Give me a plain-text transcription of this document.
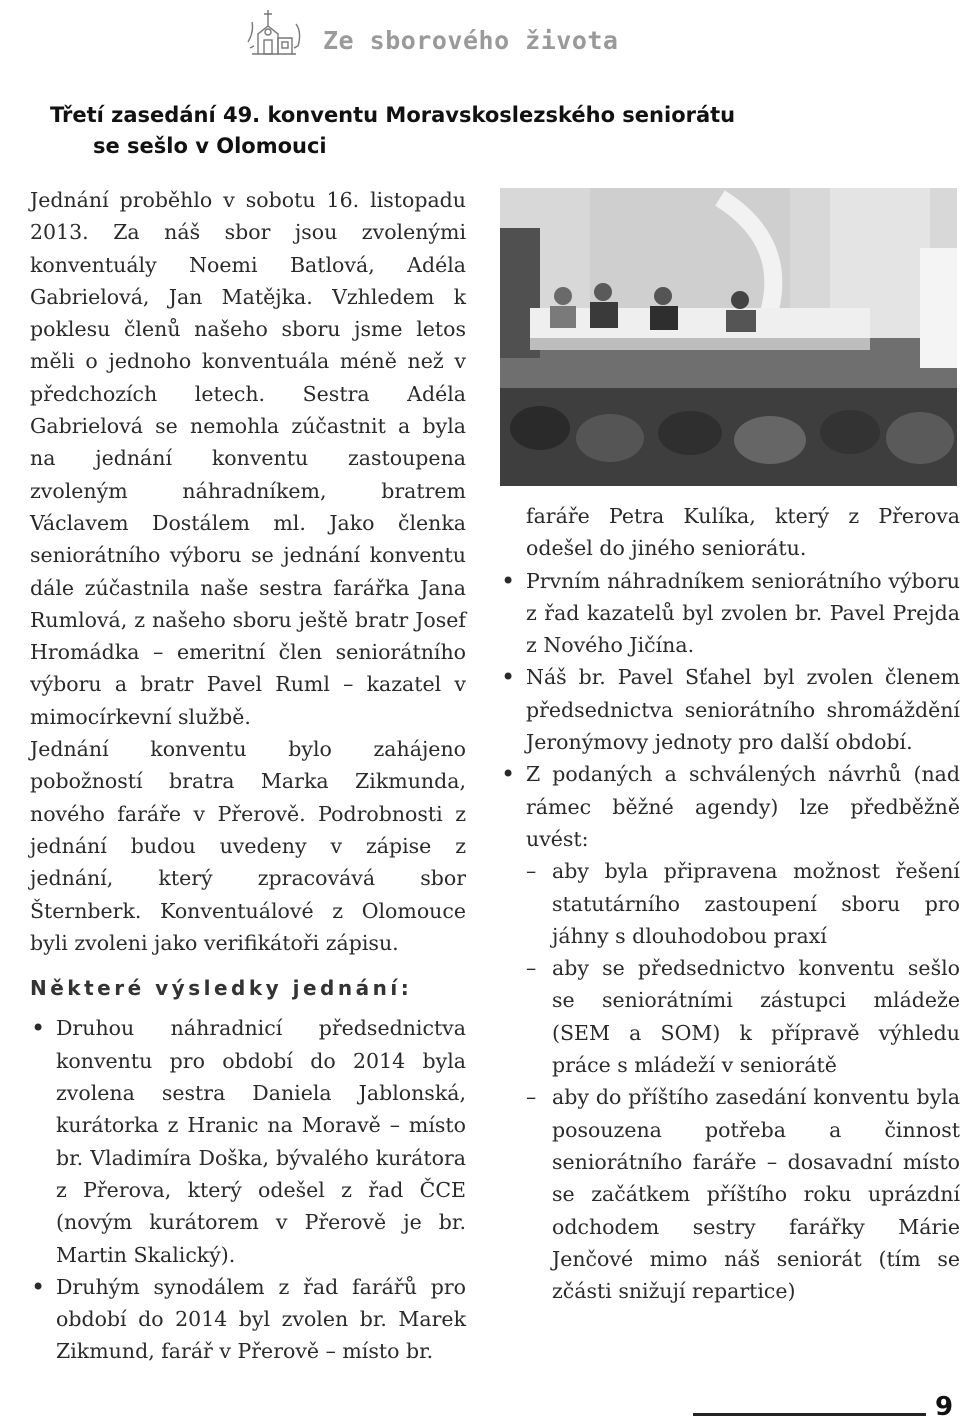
Ze sborového života
Třetí zasedání 49. konventu Moravskoslezského seniorátu
se sešlo v Olomouci

Jednání proběhlo v sobotu 16. listopadu 2013. Za náš sbor jsou zvolenými konventuály Noemi Batlová, Adéla Gabrielová, Jan Matějka. Vzhledem k poklesu členů našeho sboru jsme letos měli o jednoho konventuála méně než v předchozích letech. Sestra Adéla Gabrielová se nemohla zúčastnit a byla na jednání konventu zastoupena zvoleným náhradníkem, bratrem Václavem Dostálem ml. Jako členka seniorátního výboru se jednání konventu dále zúčastnila naše sestra farářka Jana Rumlová, z našeho sboru ještě bratr Josef Hromádka – emeritní člen seniorátního výboru a bratr Pavel Ruml – kazatel v mimocírkevní službě.

Jednání konventu bylo zahájeno pobožností bratra Marka Zikmunda, nového faráře v Přerově. Podrobnosti z jednání budou uvedeny v zápise z jednání, který zpracovává sbor Šternberk. Konventuálové z Olomouce byli zvoleni jako verifikátoři zápisu.

Některé výsledky jednání:

• Druhou náhradnicí předsednictva konventu pro období do 2014 byla zvolena sestra Daniela Jablonská, kurátorka z Hranic na Moravě – místo br. Vladimíra Doška, bývalého kurátora z Přerova, který odešel z řad ČCE (novým kurátorem v Přerově je br. Martin Skalický).
• Druhým synodálem z řad farářů pro období do 2014 byl zvolen br. Marek Zikmund, farář v Přerově – místo br.

faráře Petra Kulíka, který z Přerova odešel do jiného seniorátu.

• Prvním náhradníkem seniorátního výboru z řad kazatelů byl zvolen br. Pavel Prejda z Nového Jičína.
• Náš br. Pavel Sťahel byl zvolen členem předsednictva seniorátního shromáždění Jeronýmovy jednoty pro další období.
• Z podaných a schválených návrhů (nad rámec běžné agendy) lze předběžně uvést:
– aby byla připravena možnost řešení statutárního zastoupení sboru pro jáhny s dlouhodobou praxí
– aby se předsednictvo konventu sešlo se seniorátními zástupci mládeže (SEM a SOM) k přípravě výhledu práce s mládeží v seniorátě
– aby do příštího zasedání konventu byla posouzena potřeba a činnost seniorátního faráře – dosavadní místo se začátkem příštího roku uprázdní odchodem sestry farářky Márie Jenčové mimo náš seniorát (tím se zčásti snižují repartice)
9
